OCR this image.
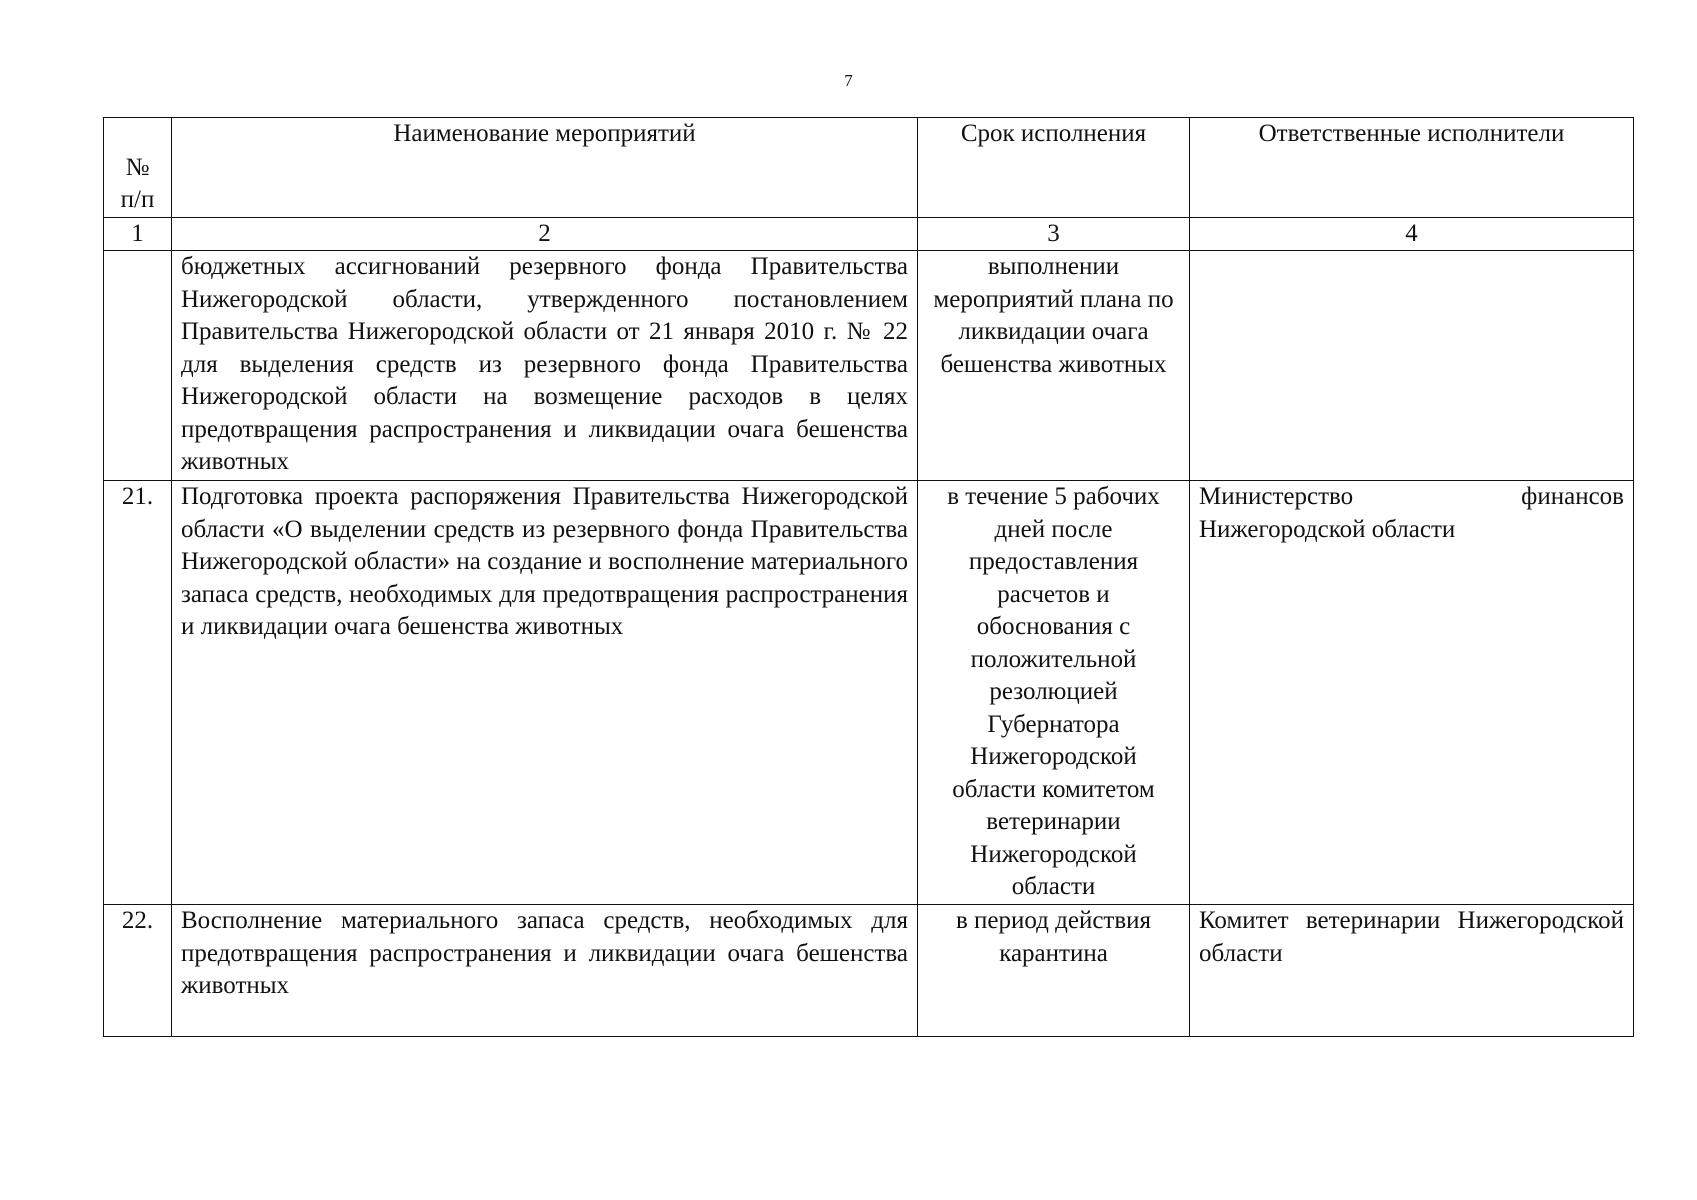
7
№
п/п	Наименование мероприятий	Срок исполнения	Ответственные исполнители
1	2	3	4
	бюджетных ассигнований резервного фонда Правительства Нижегородской области, утвержденного постановлением Правительства Нижегородской области от 21 января 2010 г. № 22 для выделения средств из резервного фонда Правительства Нижегородской области на возмещение расходов в целях предотвращения распространения и ликвидации очага бешенства животных	выполнении мероприятий плана по ликвидации очага бешенства животных	
21.	Подготовка проекта распоряжения Правительства Нижегородской области «О выделении средств из резервного фонда Правительства Нижегородской области» на создание и восполнение материального запаса средств, необходимых для предотвращения распространения и ликвидации очага бешенства животных	в течение 5 рабочих дней после предоставления расчетов и обоснования с положительной резолюцией Губернатора Нижегородской области комитетом ветеринарии Нижегородской области	Министерство финансов Нижегородской области
22.	Восполнение материального запаса средств, необходимых для предотвращения распространения и ликвидации очага бешенства животных	в период действия карантина	Комитет ветеринарии Нижегородской области
